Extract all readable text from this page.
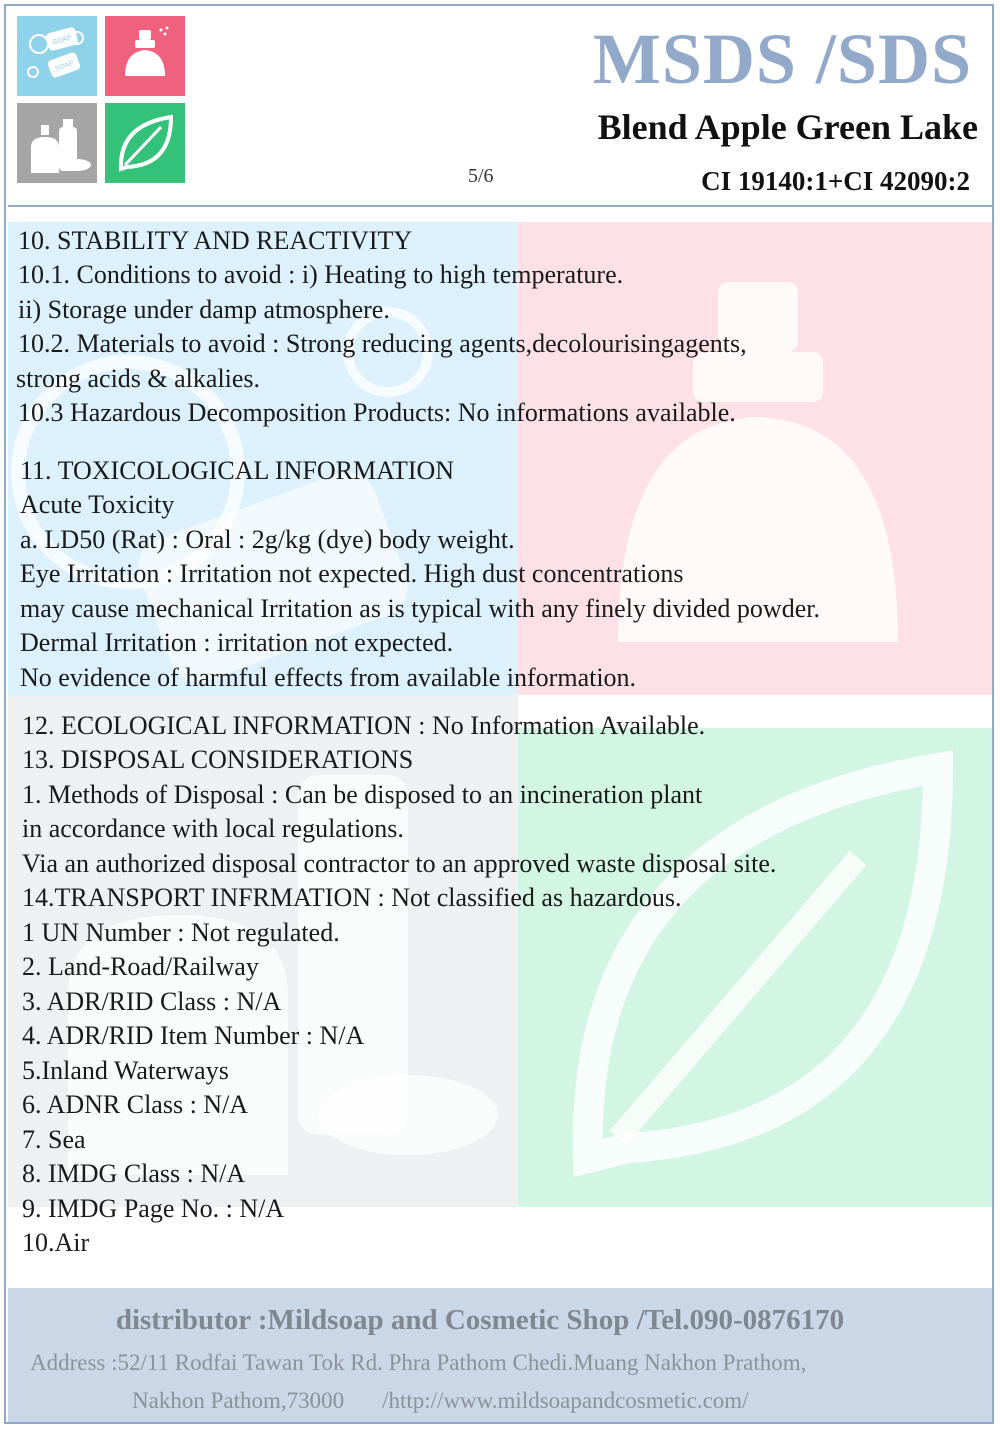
SOAP
SOAP	MSDS /SDS
Blend Apple Green Lake
5/6	CI 19140:1+CI 42090:2
10. STABILITY AND REACTIVITY
10.1. Conditions to avoid : i) Heating to high temperature.
ii) Storage under damp atmosphere.
10.2. Materials to avoid : Strong reducing agents,decolourisingagents,
strong acids & alkalies.
10.3 Hazardous Decomposition Products: No informations available.
11. TOXICOLOGICAL INFORMATION
Acute Toxicity
a. LD50 (Rat) : Oral : 2g/kg (dye) body weight.
Eye Irritation : Irritation not expected. High dust concentrations
may cause mechanical Irritation as is typical with any finely divided powder.
Dermal Irritation : irritation not expected.
No evidence of harmful effects from available information.
12. ECOLOGICAL INFORMATION : No Information Available.
13. DISPOSAL CONSIDERATIONS
1. Methods of Disposal : Can be disposed to an incineration plant
in accordance with local regulations.
Via an authorized disposal contractor to an approved waste disposal site.
14.TRANSPORT INFRMATION : Not classified as hazardous.
1 UN Number : Not regulated.
2. Land-Road/Railway
3. ADR/RID Class : N/A
4. ADR/RID Item Number : N/A
5.Inland Waterways
6. ADNR Class : N/A
7. Sea
8. IMDG Class : N/A
9. IMDG Page No. : N/A
10.Air
distributor :Mildsoap and Cosmetic Shop /Tel.090-0876170
Address :52/11 Rodfai Tawan Tok Rd. Phra Pathom Chedi.Muang Nakhon Prathom,
Nakhon Pathom,73000 /http://www.mildsoapandcosmetic.com/
